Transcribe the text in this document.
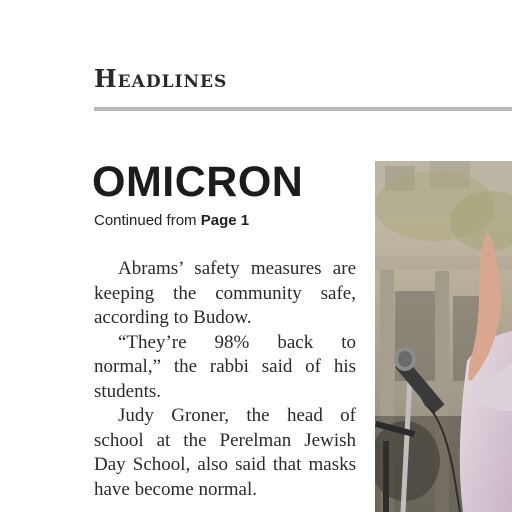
Headlines
OMICRON
Continued from Page 1

Abrams’ safety measures are keeping the community safe, according to Budow.

“They’re 98% back to normal,” the rabbi said of his students.

Judy Groner, the head of school at the Perelman Jewish Day School, also said that masks have become normal.
